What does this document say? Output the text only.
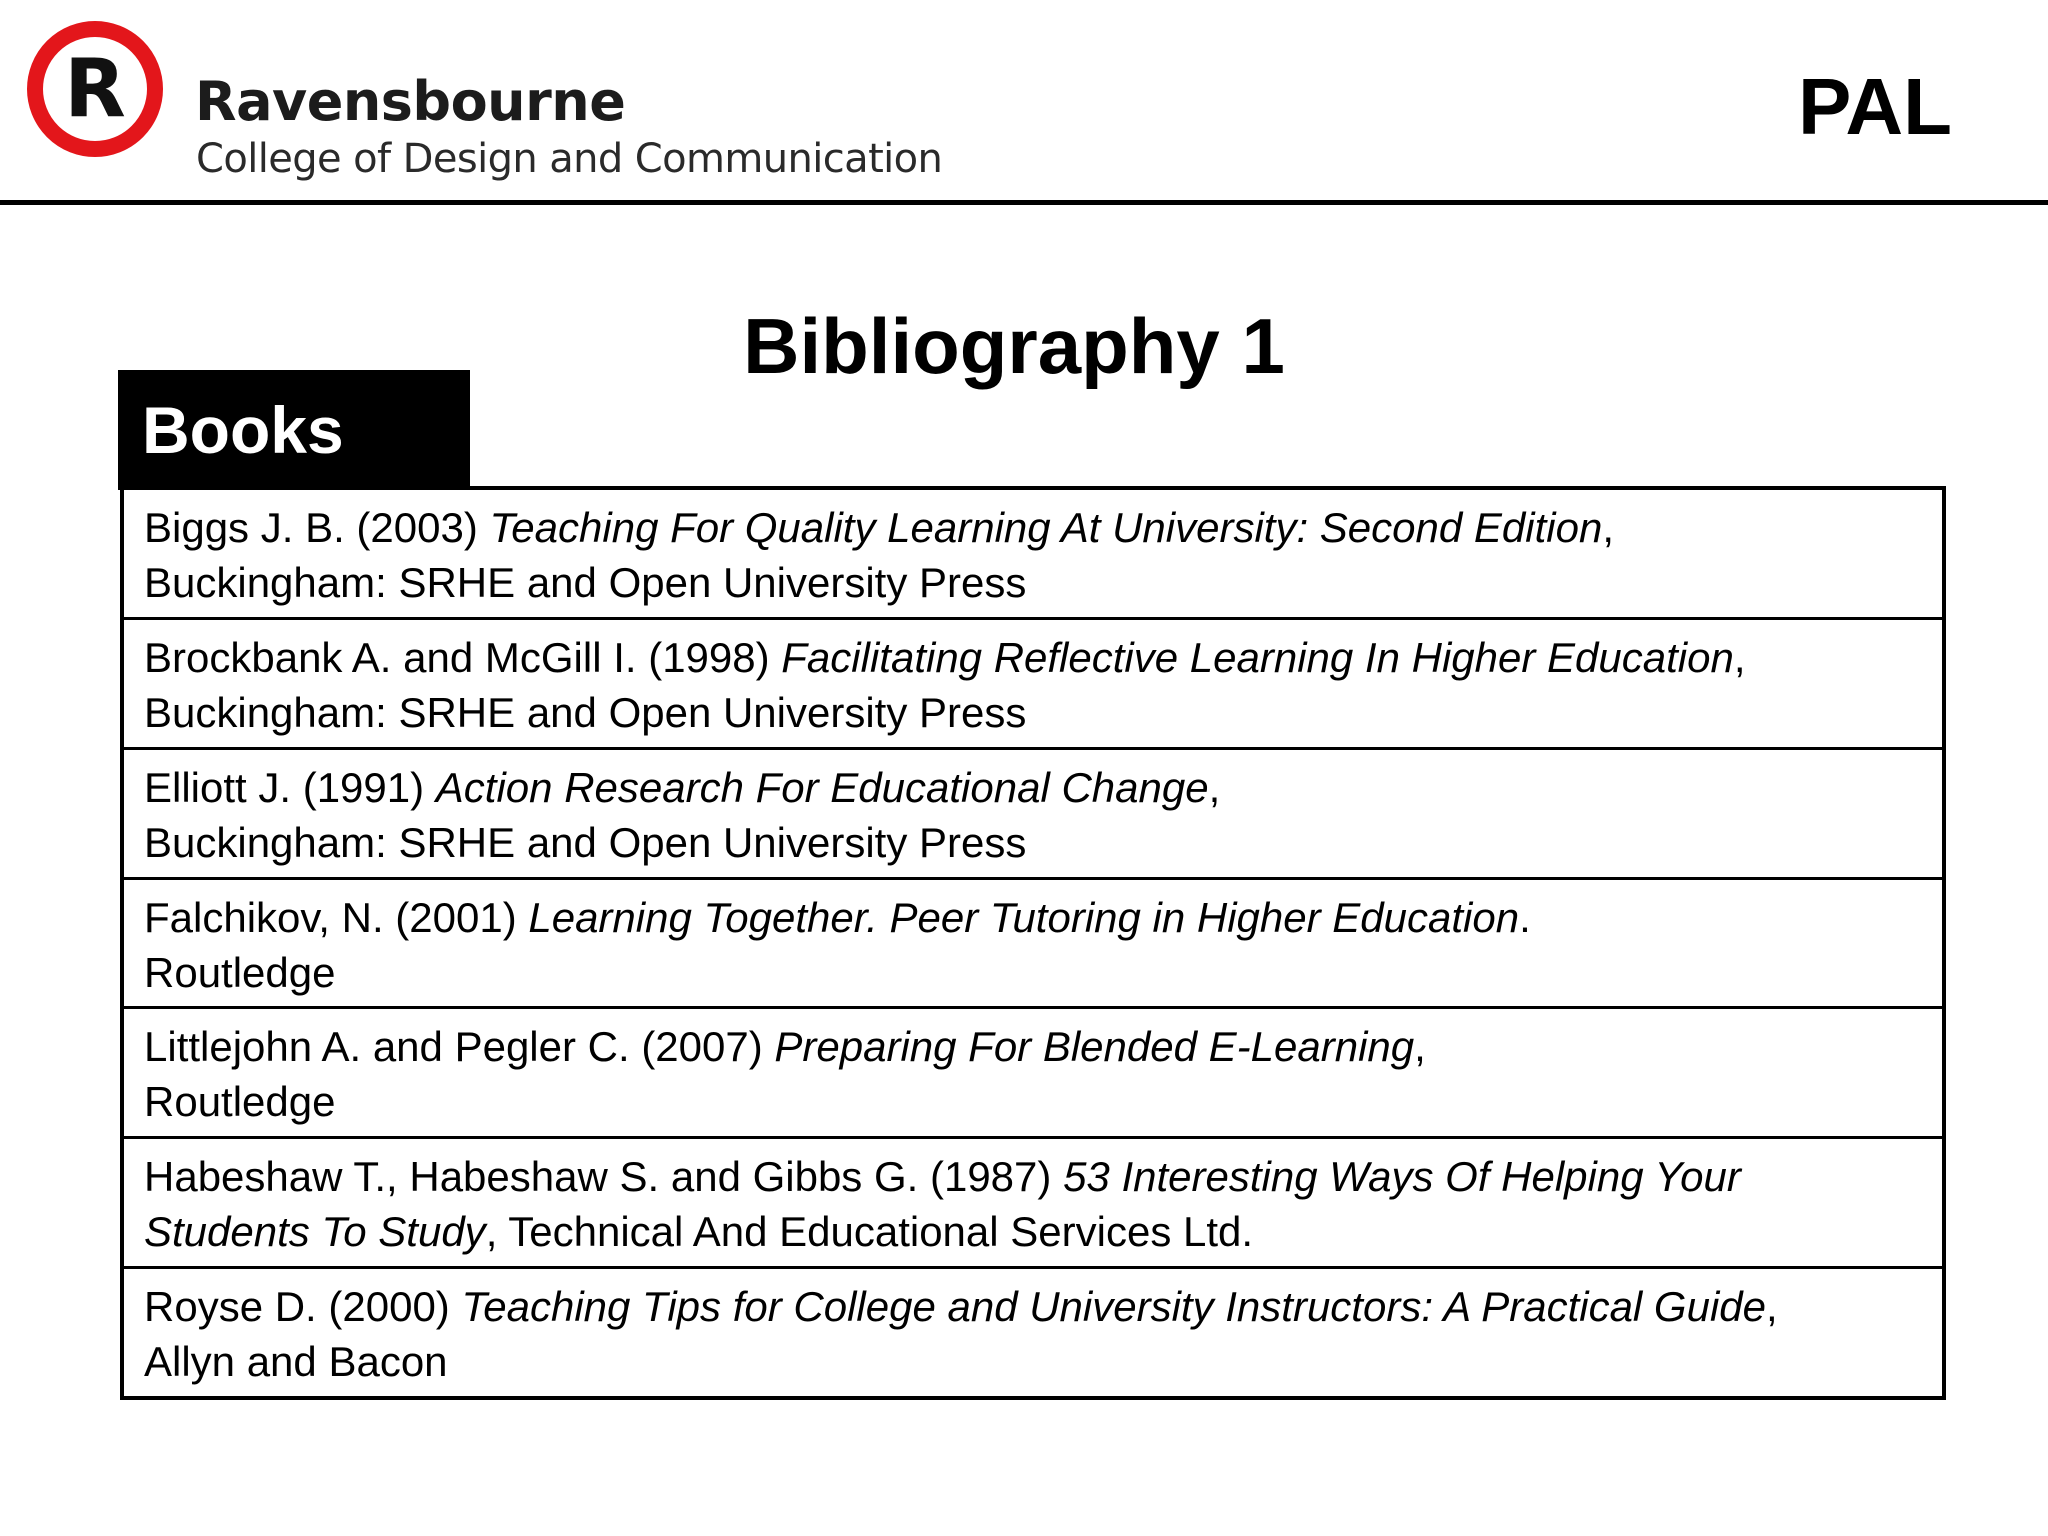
R Ravensbourne
College of Design and Communication
PAL
Bibliography 1
Books
Biggs J. B. (2003) Teaching For Quality Learning At University: Second Edition,
Buckingham: SRHE and Open University Press
Brockbank A. and McGill I. (1998) Facilitating Reflective Learning In Higher Education,
Buckingham: SRHE and Open University Press
Elliott J. (1991) Action Research For Educational Change,
Buckingham: SRHE and Open University Press
Falchikov, N. (2001) Learning Together. Peer Tutoring in Higher Education.
Routledge
Littlejohn A. and Pegler C. (2007) Preparing For Blended E-Learning,
Routledge
Habeshaw T., Habeshaw S. and Gibbs G. (1987) 53 Interesting Ways Of Helping Your
Students To Study, Technical And Educational Services Ltd.
Royse D. (2000) Teaching Tips for College and University Instructors: A Practical Guide,
Allyn and Bacon
